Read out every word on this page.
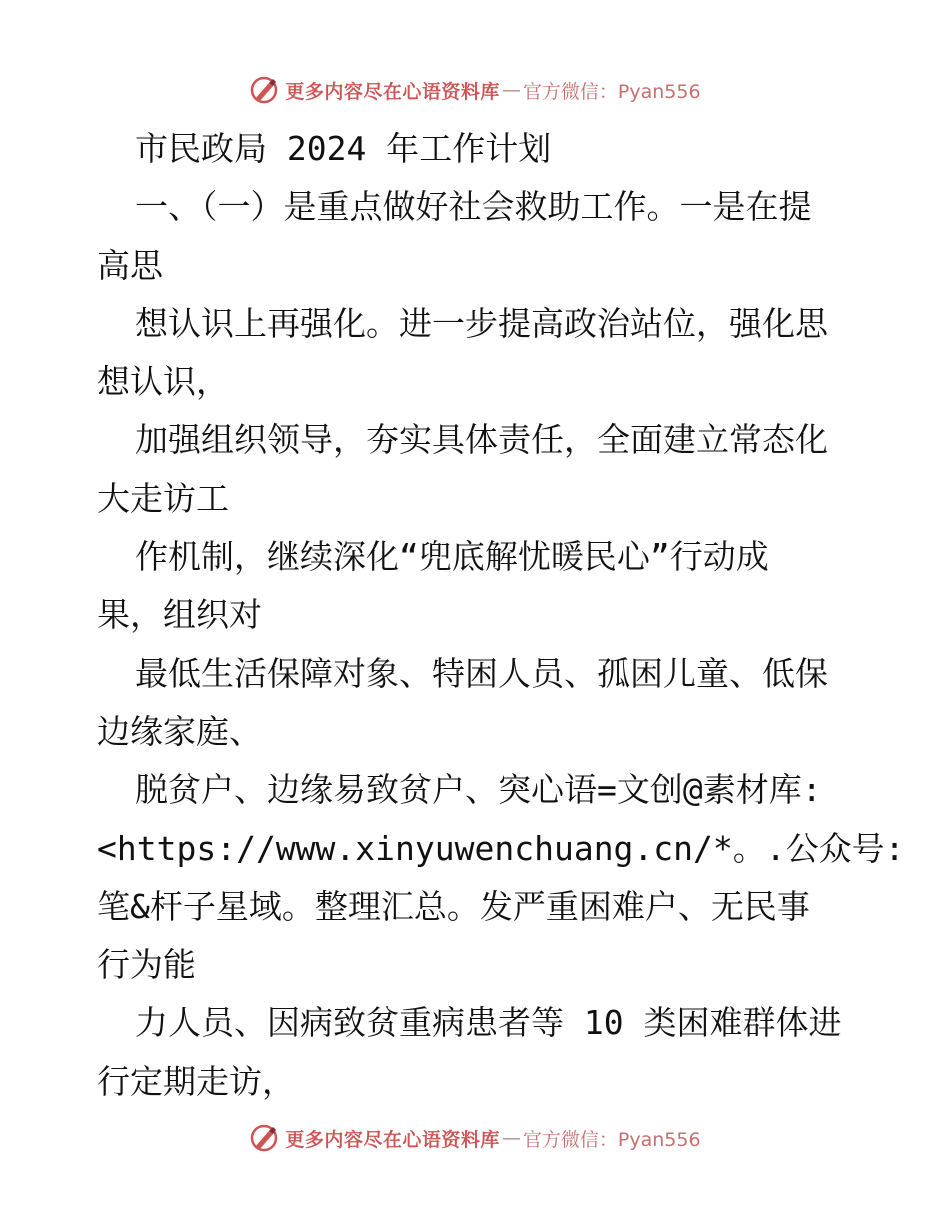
更多内容尽在心语资料库 — 官方微信：Pyan556
市民政局 2024 年工作计划
一、（一）是重点做好社会救助工作。一是在提
高思
想认识上再强化。进一步提高政治站位，强化思
想认识，
加强组织领导，夯实具体责任，全面建立常态化
大走访工
作机制，继续深化“兜底解忧暖民心”行动成
果，组织对
最低生活保障对象、特困人员、孤困儿童、低保
边缘家庭、
脱贫户、边缘易致贫户、突心语=文创@素材库:
<https://www.xinyuwenchuang.cn/*。.公众号:
笔&杆子星域。整理汇总。发严重困难户、无民事
行为能
力人员、因病致贫重病患者等 10 类困难群体进
行定期走访，
更多内容尽在心语资料库 — 官方微信：Pyan556
